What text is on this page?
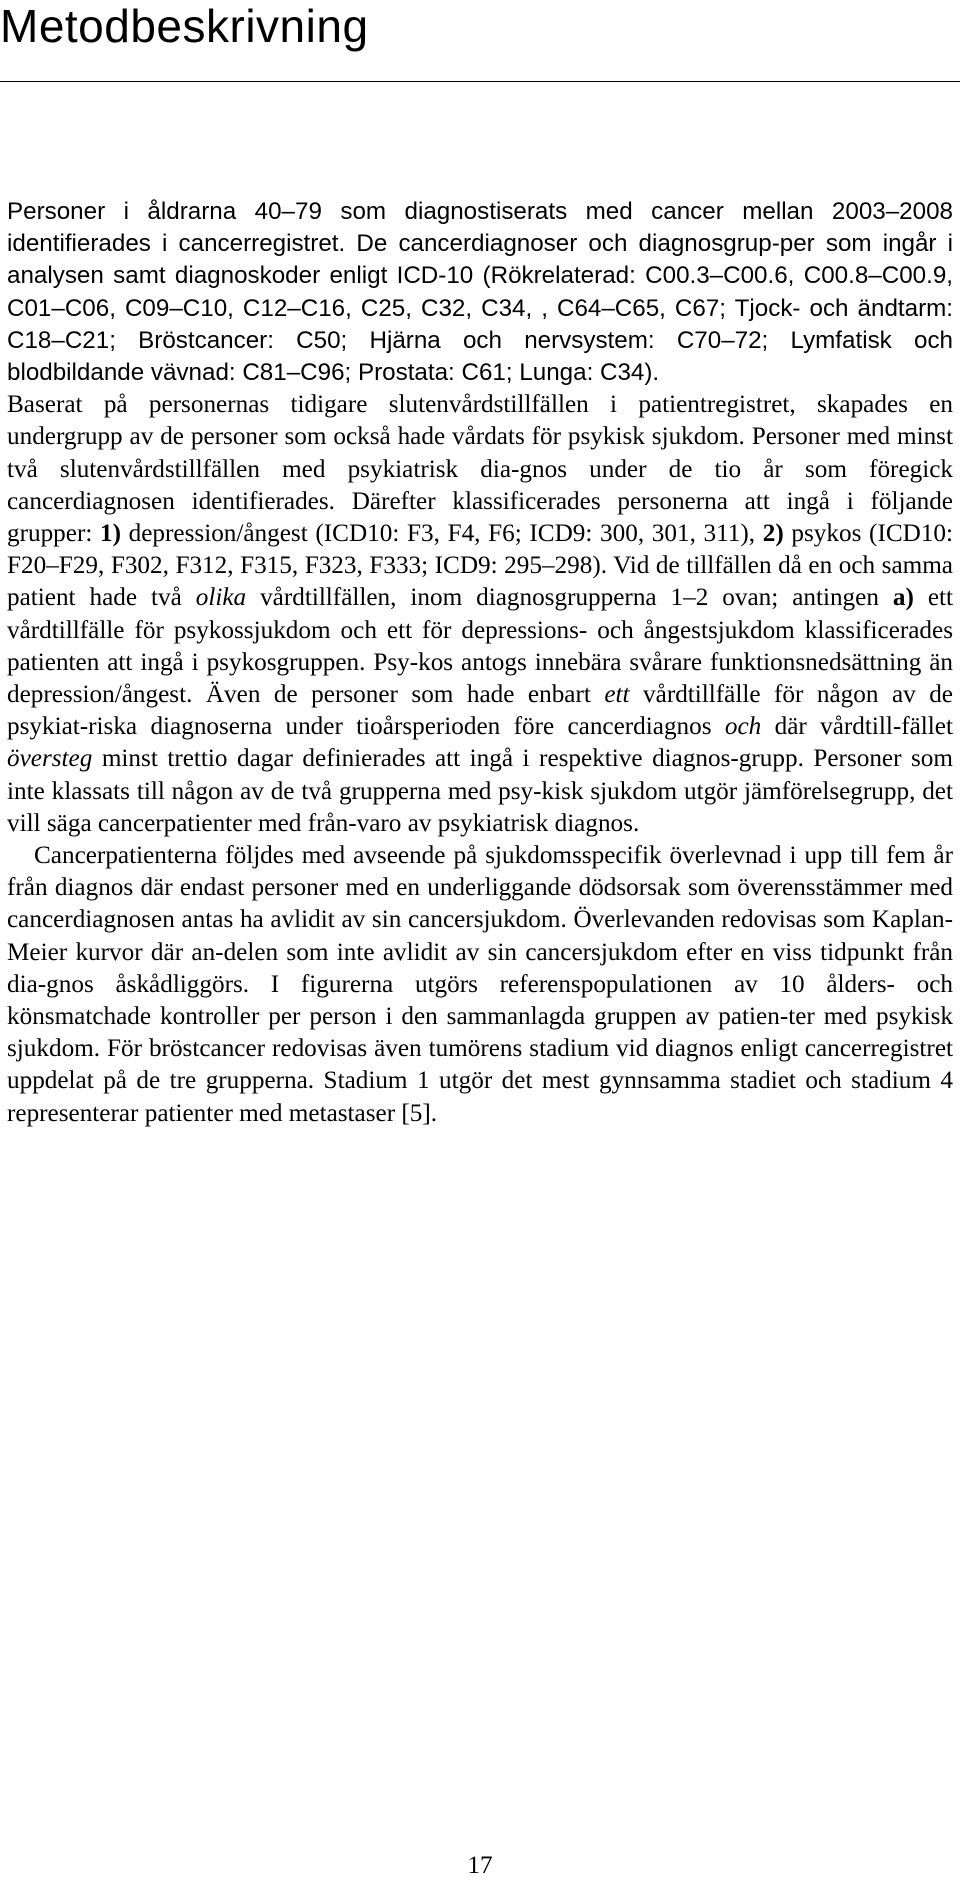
Metodbeskrivning

Personer i åldrarna 40–79 som diagnostiserats med cancer mellan 2003–2008 identifierades i cancerregistret. De cancerdiagnoser och diagnosgrup-per som ingår i analysen samt diagnoskoder enligt ICD-10 (Rökrelaterad: C00.3–C00.6, C00.8–C00.9, C01–C06, C09–C10, C12–C16, C25, C32, C34, , C64–C65, C67; Tjock- och ändtarm: C18–C21; Bröstcancer: C50; Hjärna och nervsystem: C70–72; Lymfatisk och blodbildande vävnad: C81–C96; Prostata: C61; Lunga: C34).

Baserat på personernas tidigare slutenvårdstillfällen i patientregistret, skapades en undergrupp av de personer som också hade vårdats för psykisk sjukdom. Personer med minst två slutenvårdstillfällen med psykiatrisk dia-gnos under de tio år som föregick cancerdiagnosen identifierades. Därefter klassificerades personerna att ingå i följande grupper: 1) depression/ångest (ICD10: F3, F4, F6; ICD9: 300, 301, 311), 2) psykos (ICD10: F20–F29, F302, F312, F315, F323, F333; ICD9: 295–298). Vid de tillfällen då en och samma patient hade två olika vårdtillfällen, inom diagnosgrupperna 1–2 ovan; antingen a) ett vårdtillfälle för psykossjukdom och ett för depressions- och ångestsjukdom klassificerades patienten att ingå i psykosgruppen. Psy-kos antogs innebära svårare funktionsnedsättning än depression/ångest. Även de personer som hade enbart ett vårdtillfälle för någon av de psykiat-riska diagnoserna under tioårsperioden före cancerdiagnos och där vårdtill-fället översteg minst trettio dagar definierades att ingå i respektive diagnos-grupp. Personer som inte klassats till någon av de två grupperna med psy-kisk sjukdom utgör jämförelsegrupp, det vill säga cancerpatienter med från-varo av psykiatrisk diagnos.

Cancerpatienterna följdes med avseende på sjukdomsspecifik överlevnad i upp till fem år från diagnos där endast personer med en underliggande dödsorsak som överensstämmer med cancerdiagnosen antas ha avlidit av sin cancersjukdom. Överlevanden redovisas som Kaplan-Meier kurvor där an-delen som inte avlidit av sin cancersjukdom efter en viss tidpunkt från dia-gnos åskådliggörs. I figurerna utgörs referenspopulationen av 10 ålders- och könsmatchade kontroller per person i den sammanlagda gruppen av patien-ter med psykisk sjukdom. För bröstcancer redovisas även tumörens stadium vid diagnos enligt cancerregistret uppdelat på de tre grupperna. Stadium 1 utgör det mest gynnsamma stadiet och stadium 4 representerar patienter med metastaser [5].

17
